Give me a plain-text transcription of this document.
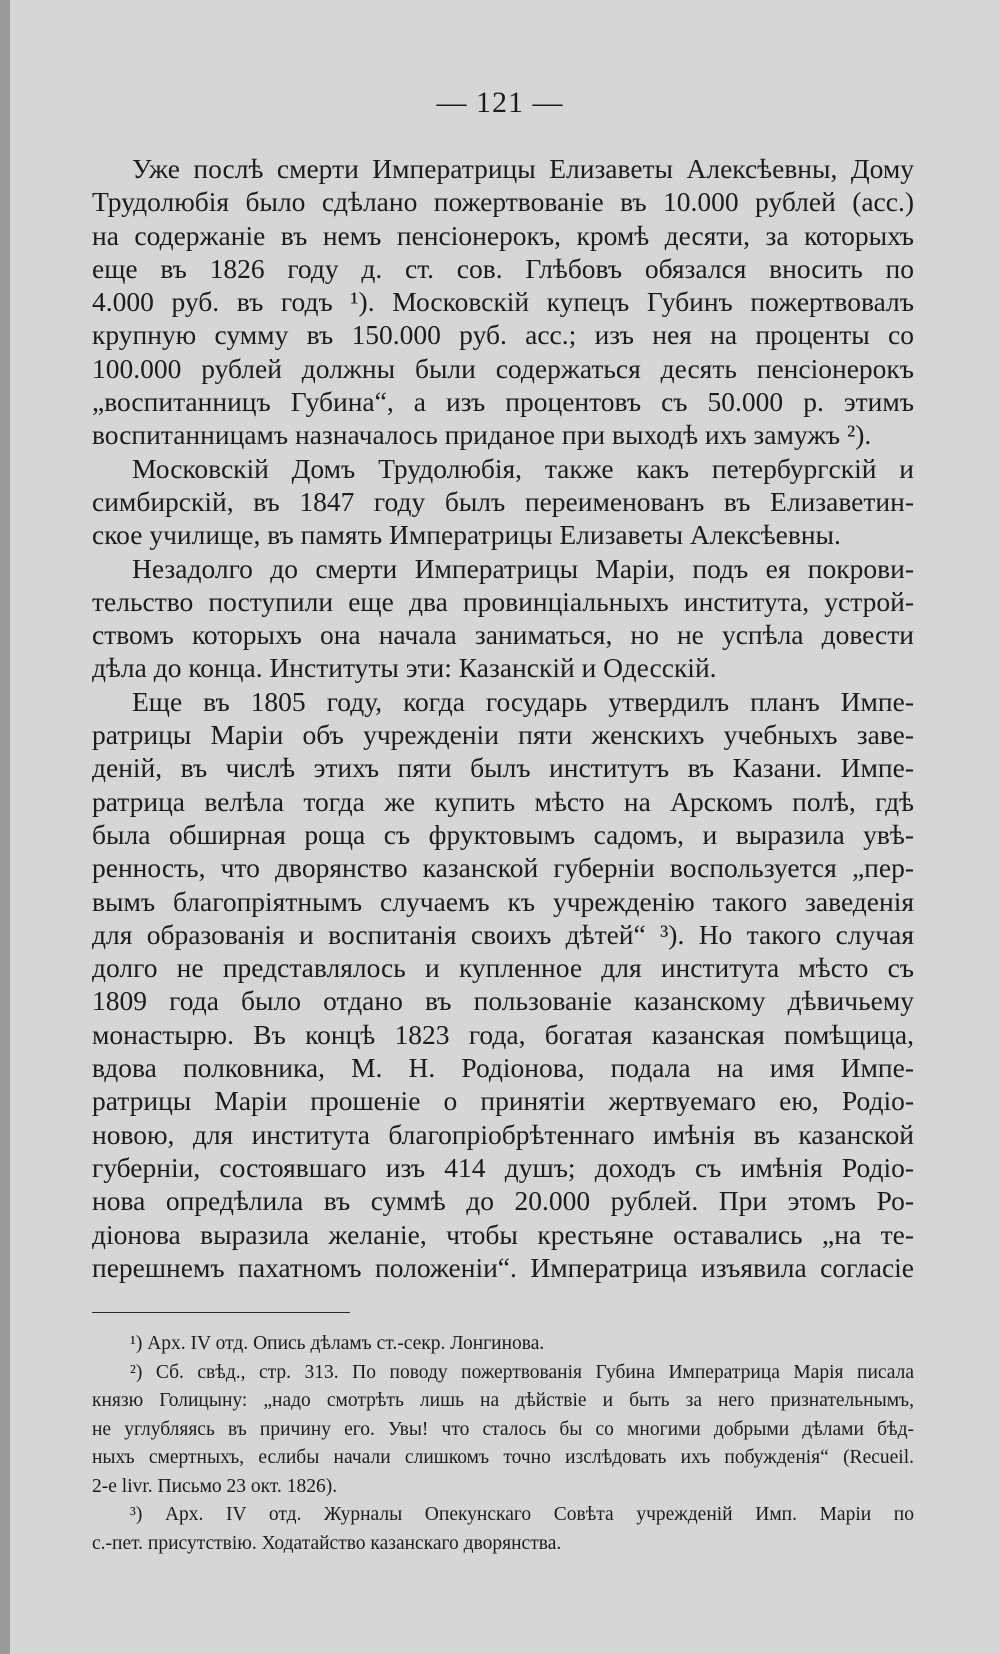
— 121 —
Уже послѣ смерти Императрицы Елизаветы Алексѣевны, Дому
Трудолюбія было сдѣлано пожертвованіе въ 10.000 рублей (асс.)
на содержаніе въ немъ пенсіонерокъ, кромѣ десяти, за которыхъ
еще въ 1826 году д. ст. сов. Глѣбовъ обязался вносить по
4.000 руб. въ годъ ¹). Московскій купецъ Губинъ пожертвовалъ
крупную сумму въ 150.000 руб. асс.; изъ нея на проценты со
100.000 рублей должны были содержаться десять пенсіонерокъ
„воспитанницъ Губина“, а изъ процентовъ съ 50.000 р. этимъ
воспитанницамъ назначалось приданое при выходѣ ихъ замужъ ²).
Московскій Домъ Трудолюбія, также какъ петербургскій и
симбирскій, въ 1847 году былъ переименованъ въ Елизаветин-
ское училище, въ память Императрицы Елизаветы Алексѣевны.
Незадолго до смерти Императрицы Маріи, подъ ея покрови-
тельство поступили еще два провинціальныхъ института, устрой-
ствомъ которыхъ она начала заниматься, но не успѣла довести
дѣла до конца. Институты эти: Казанскій и Одесскій.
Еще въ 1805 году, когда государь утвердилъ планъ Импе-
ратрицы Маріи объ учрежденіи пяти женскихъ учебныхъ заве-
деній, въ числѣ этихъ пяти былъ институтъ въ Казани. Импе-
ратрица велѣла тогда же купить мѣсто на Арскомъ полѣ, гдѣ
была обширная роща съ фруктовымъ садомъ, и выразила увѣ-
ренность, что дворянство казанской губерніи воспользуется „пер-
вымъ благопріятнымъ случаемъ къ учрежденію такого заведенія
для образованія и воспитанія своихъ дѣтей“ ³). Но такого случая
долго не представлялось и купленное для института мѣсто съ
1809 года было отдано въ пользованіе казанскому дѣвичьему
монастырю. Въ концѣ 1823 года, богатая казанская помѣщица,
вдова полковника, М. Н. Родіонова, подала на имя Импе-
ратрицы Маріи прошеніе о принятіи жертвуемаго ею, Родіо-
новою, для института благопріобрѣтеннаго имѣнія въ казанской
губерніи, состоявшаго изъ 414 душъ; доходъ съ имѣнія Родіо-
нова опредѣлила въ суммѣ до 20.000 рублей. При этомъ Ро-
діонова выразила желаніе, чтобы крестьяне оставались „на те-
перешнемъ пахатномъ положеніи“. Императрица изъявила согласіе
¹) Арх. IV отд. Опись дѣламъ ст.-секр. Лонгинова.
²) Сб. свѣд., стр. 313. По поводу пожертвованія Губина Императрица Марія писала
князю Голицыну: „надо смотрѣть лишь на дѣйствіе и быть за него признательнымъ,
не углубляясь въ причину его. Увы! что сталось бы со многими добрыми дѣлами бѣд-
ныхъ смертныхъ, еслибы начали слишкомъ точно изслѣдовать ихъ побужденія“ (Recueil.
2-e livr. Письмо 23 окт. 1826).
³) Арх. IV отд. Журналы Опекунскаго Совѣта учрежденій Имп. Маріи по
с.-пет. присутствію. Ходатайство казанскаго дворянства.
